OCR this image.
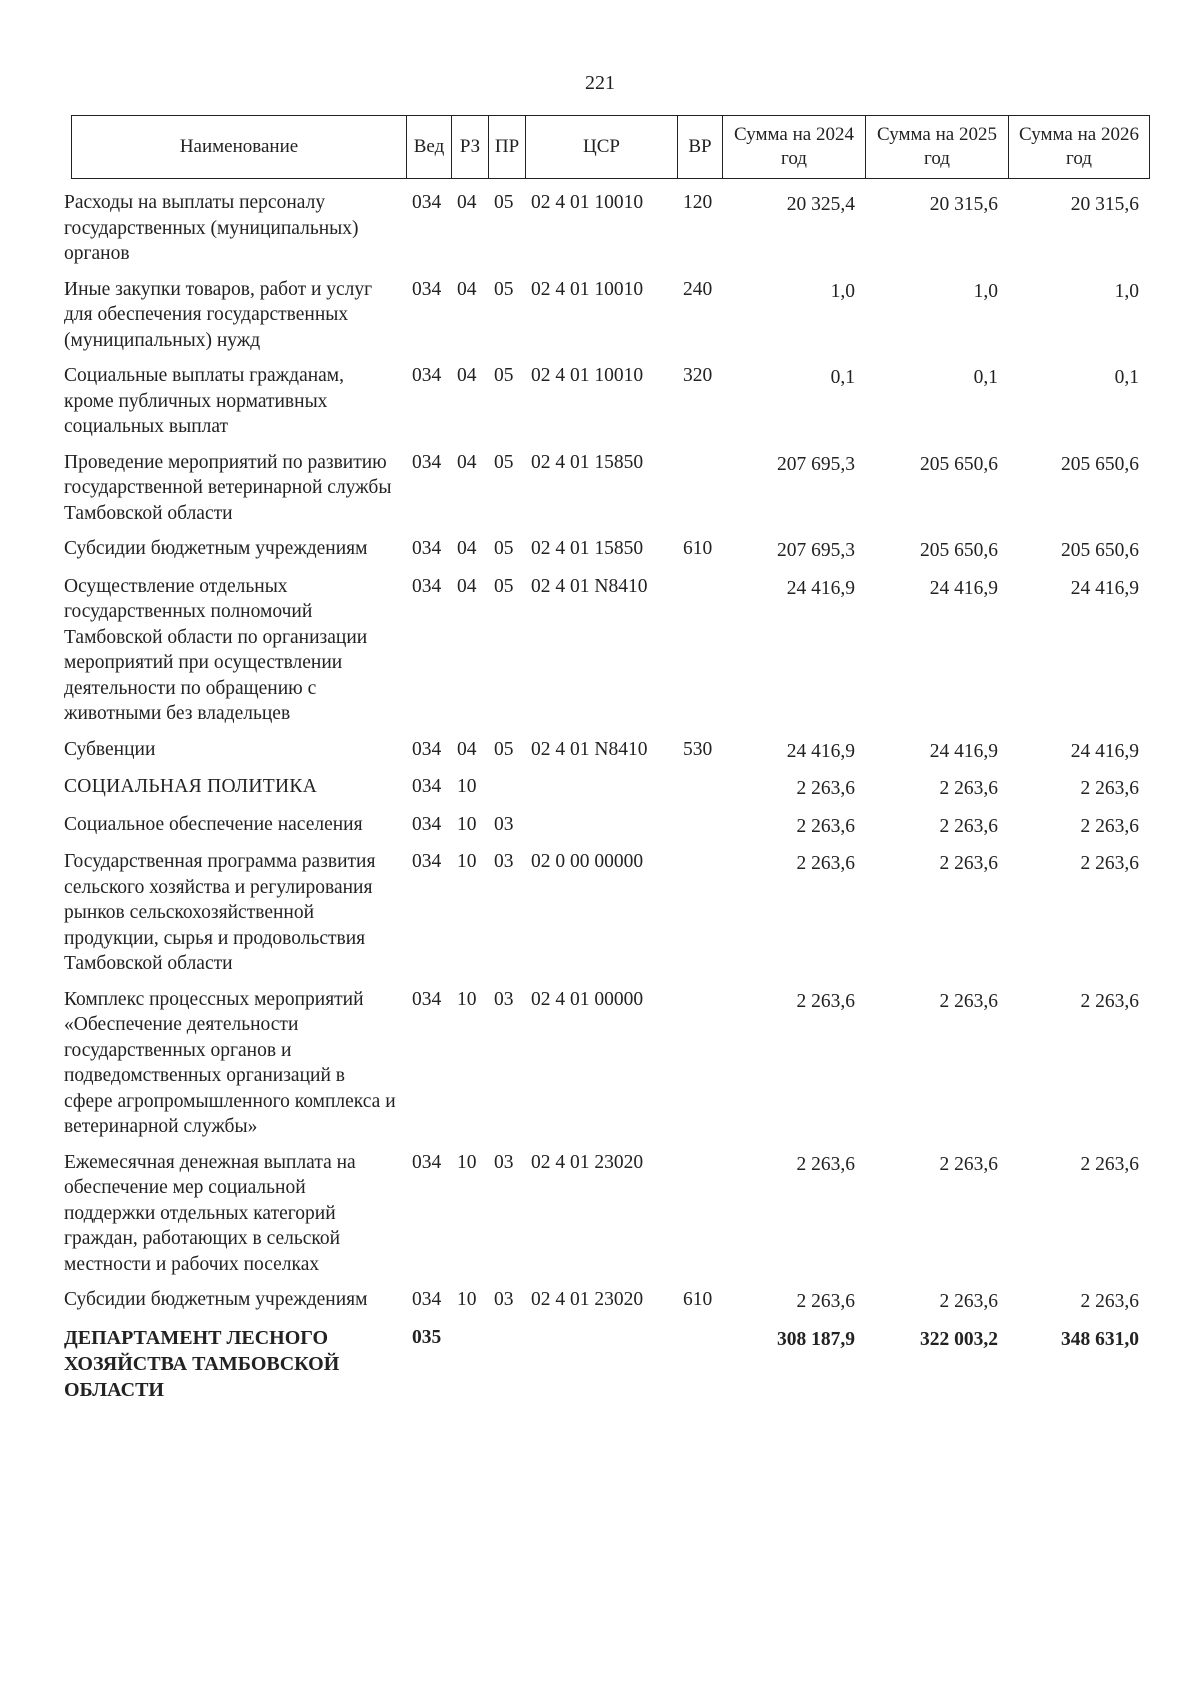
221
Наименование	Вед	РЗ	ПР	ЦСР	ВР	Сумма на 2024 год	Сумма на 2025 год	Сумма на 2026 год
Расходы на выплаты персоналу государственных (муниципальных) органов	034	04	05	02 4 01 10010	120	20 325,4	20 315,6	20 315,6
Иные закупки товаров, работ и услуг для обеспечения государственных (муниципальных) нужд	034	04	05	02 4 01 10010	240	1,0	1,0	1,0
Социальные выплаты гражданам, кроме публичных нормативных социальных выплат	034	04	05	02 4 01 10010	320	0,1	0,1	0,1
Проведение мероприятий по развитию государственной ветеринарной службы Тамбовской области	034	04	05	02 4 01 15850		207 695,3	205 650,6	205 650,6
Субсидии бюджетным учреждениям	034	04	05	02 4 01 15850	610	207 695,3	205 650,6	205 650,6
Осуществление отдельных государственных полномочий Тамбовской области по организации мероприятий при осуществлении деятельности по обращению с животными без владельцев	034	04	05	02 4 01 N8410		24 416,9	24 416,9	24 416,9
Субвенции	034	04	05	02 4 01 N8410	530	24 416,9	24 416,9	24 416,9
СОЦИАЛЬНАЯ ПОЛИТИКА	034	10				2 263,6	2 263,6	2 263,6
Социальное обеспечение населения	034	10	03			2 263,6	2 263,6	2 263,6
Государственная программа развития сельского хозяйства и регулирования рынков сельскохозяйственной продукции, сырья и продовольствия Тамбовской области	034	10	03	02 0 00 00000		2 263,6	2 263,6	2 263,6
Комплекс процессных мероприятий «Обеспечение деятельности государственных органов и подведомственных организаций в сфере агропромышленного комплекса и ветеринарной службы»	034	10	03	02 4 01 00000		2 263,6	2 263,6	2 263,6
Ежемесячная денежная выплата на обеспечение мер социальной поддержки отдельных категорий граждан, работающих в сельской местности и рабочих поселках	034	10	03	02 4 01 23020		2 263,6	2 263,6	2 263,6
Субсидии бюджетным учреждениям	034	10	03	02 4 01 23020	610	2 263,6	2 263,6	2 263,6
ДЕПАРТАМЕНТ ЛЕСНОГО ХОЗЯЙСТВА ТАМБОВСКОЙ ОБЛАСТИ	035					308 187,9	322 003,2	348 631,0
